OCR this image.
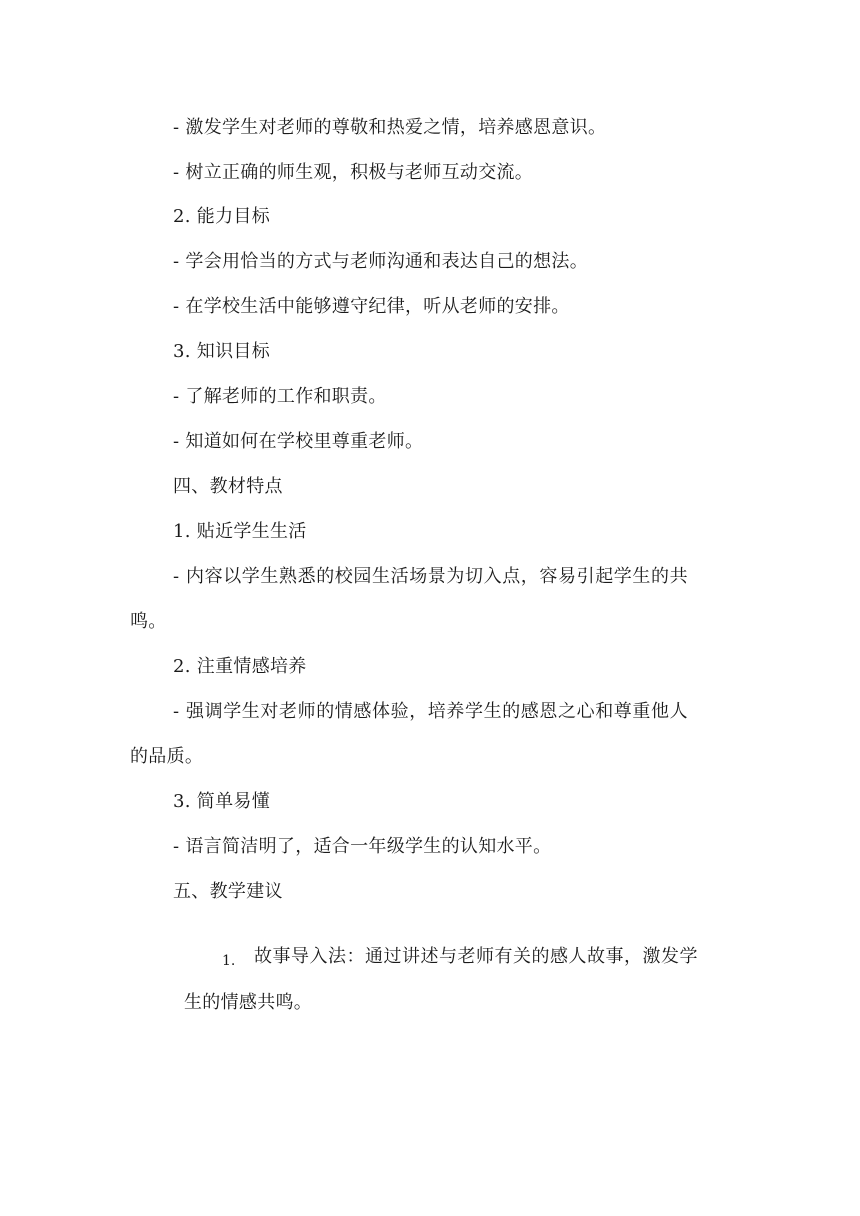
- 激发学生对老师的尊敬和热爱之情，培养感恩意识。
- 树立正确的师生观，积极与老师互动交流。
2. 能力目标
- 学会用恰当的方式与老师沟通和表达自己的想法。
- 在学校生活中能够遵守纪律，听从老师的安排。
3. 知识目标
- 了解老师的工作和职责。
- 知道如何在学校里尊重老师。
四、教材特点
1. 贴近学生生活
- 内容以学生熟悉的校园生活场景为切入点，容易引起学生的共
鸣。
2. 注重情感培养
- 强调学生对老师的情感体验，培养学生的感恩之心和尊重他人
的品质。
3. 简单易懂
- 语言简洁明了，适合一年级学生的认知水平。
五、教学建议
1. 故事导入法：通过讲述与老师有关的感人故事，激发学
生的情感共鸣。
